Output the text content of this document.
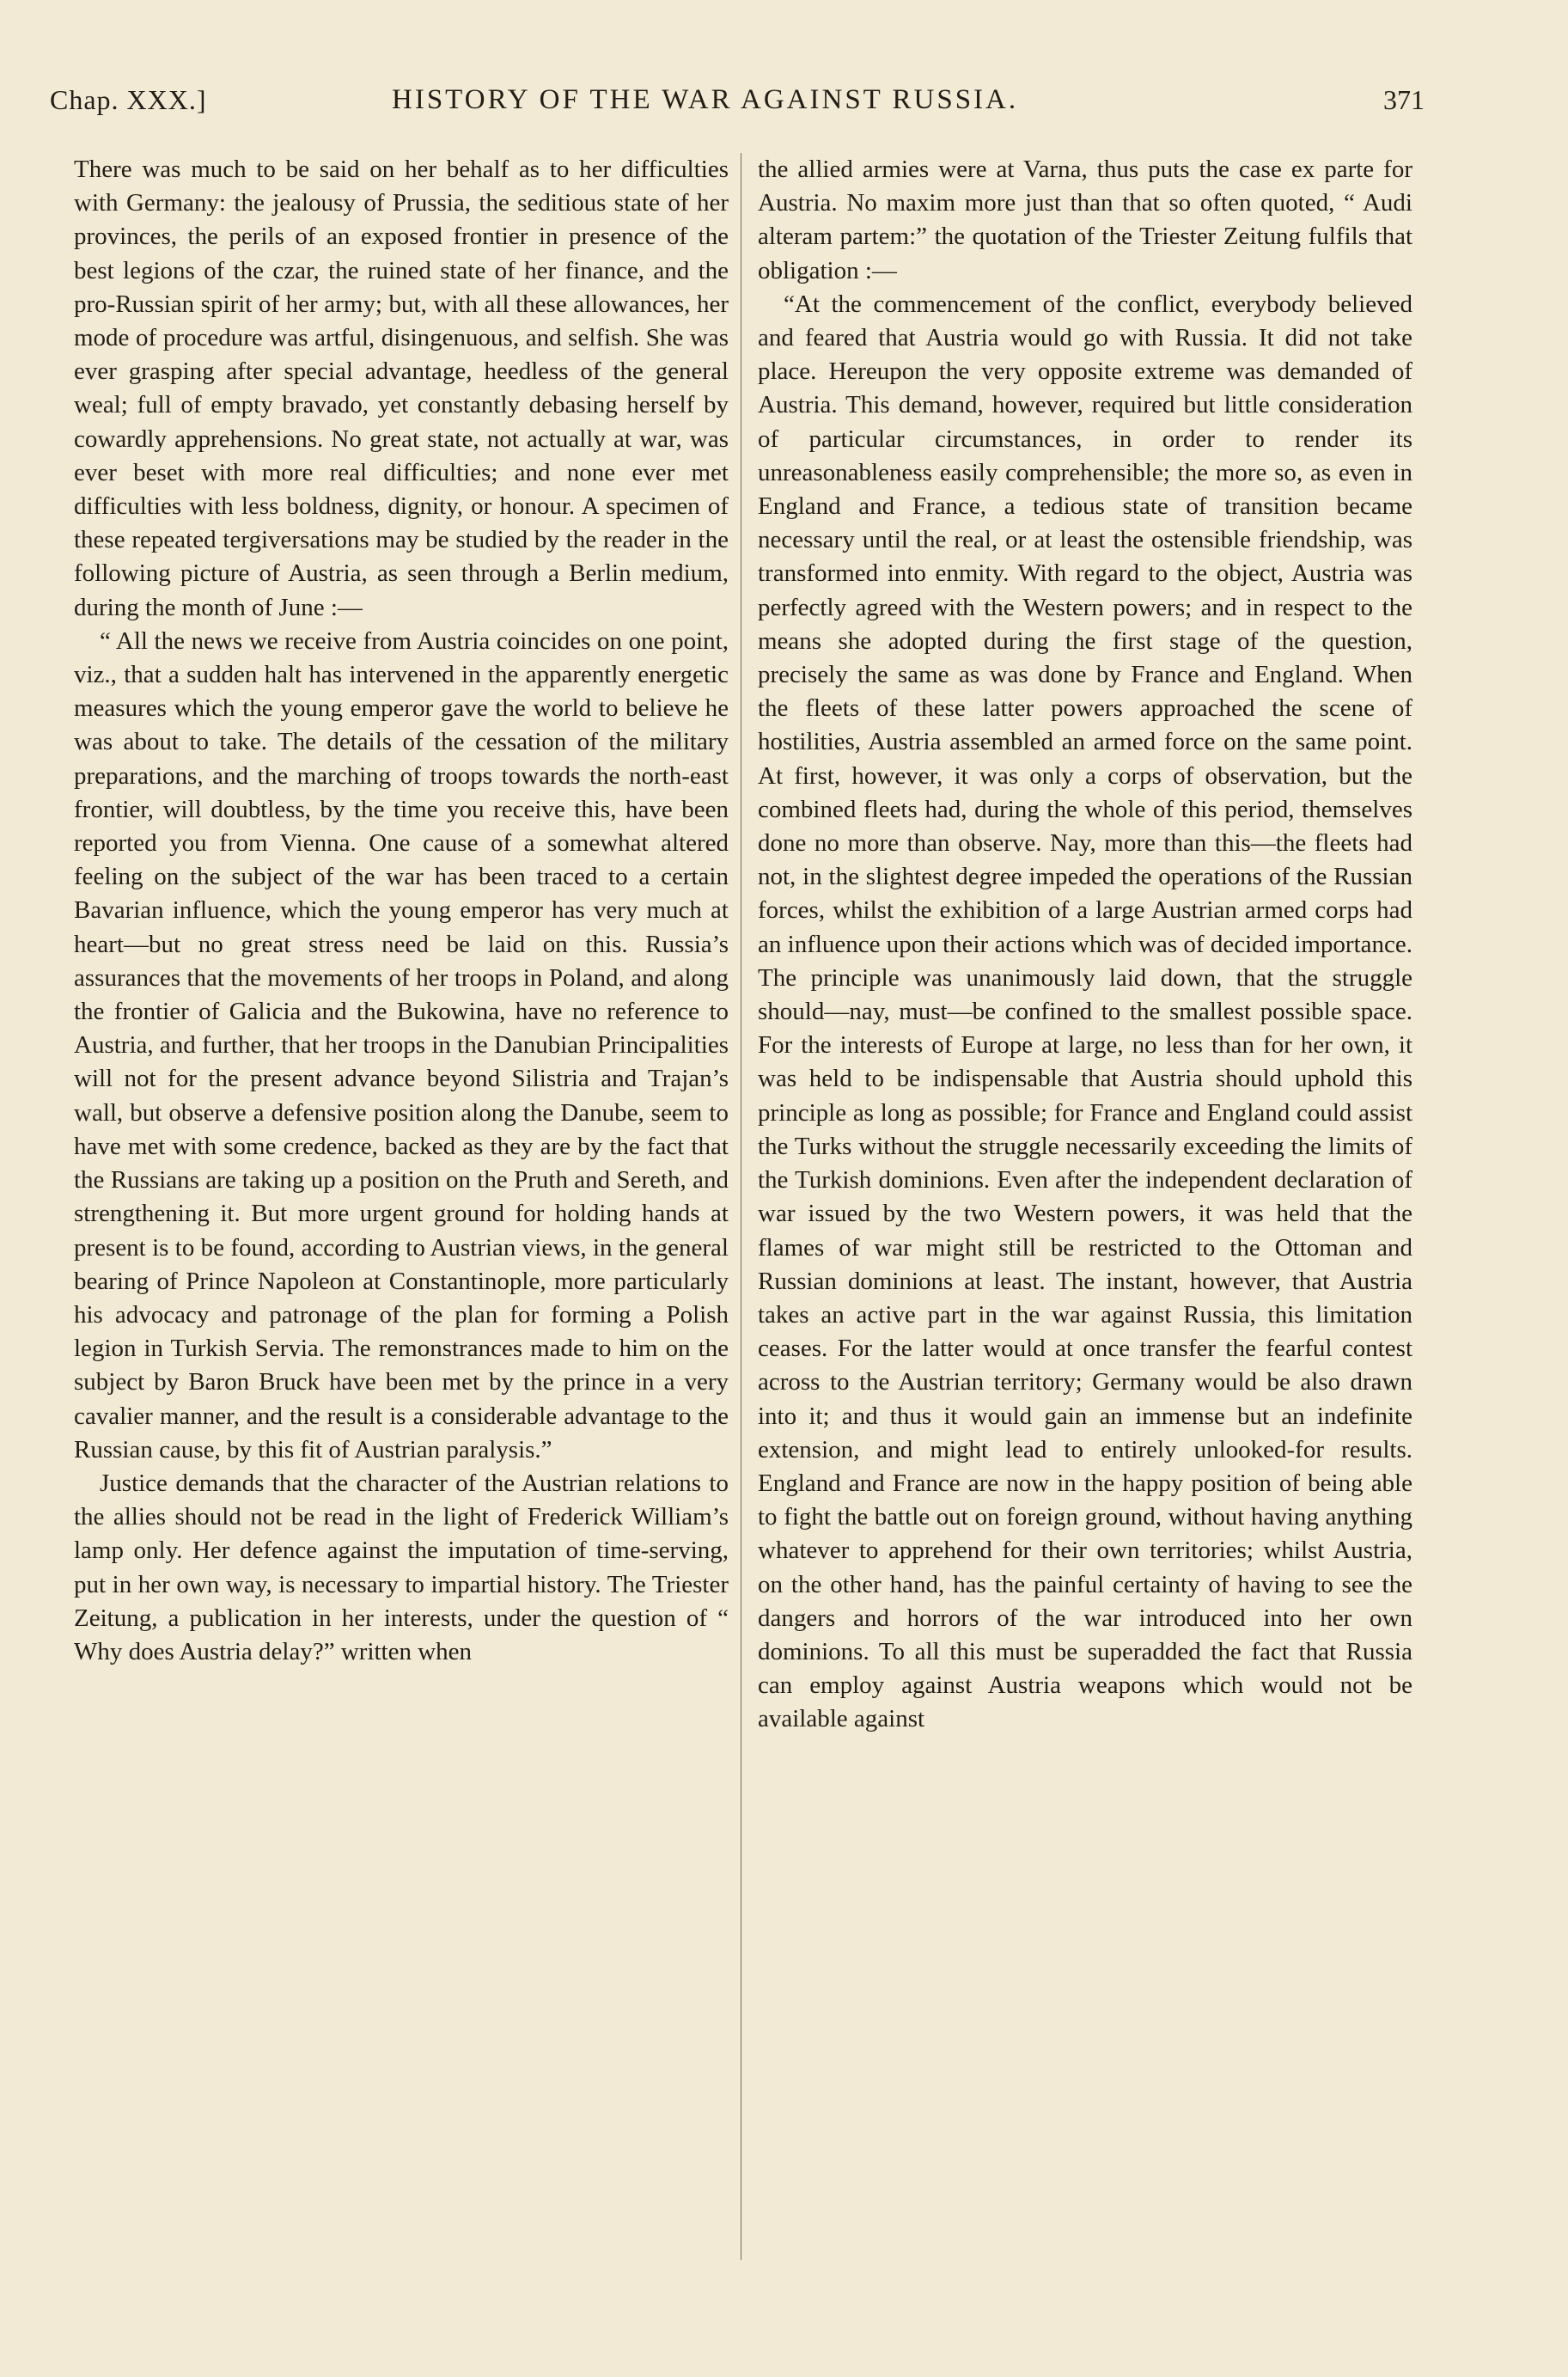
Chap. XXX.]	HISTORY OF THE WAR AGAINST RUSSIA.	371

There was much to be said on her behalf as to her difficulties with Germany: the jealousy of Prussia, the seditious state of her provinces, the perils of an exposed frontier in presence of the best legions of the czar, the ruined state of her finance, and the pro-Russian spirit of her army; but, with all these allowances, her mode of procedure was artful, disingenuous, and selfish. She was ever grasping after special advantage, heedless of the general weal; full of empty bravado, yet constantly debasing herself by cowardly apprehensions. No great state, not actually at war, was ever beset with more real difficulties; and none ever met difficulties with less boldness, dignity, or honour. A specimen of these repeated tergiversations may be studied by the reader in the following picture of Austria, as seen through a Berlin medium, during the month of June :—

“ All the news we receive from Austria coincides on one point, viz., that a sudden halt has intervened in the apparently energetic measures which the young emperor gave the world to believe he was about to take. The details of the cessation of the military preparations, and the marching of troops towards the north-east frontier, will doubtless, by the time you receive this, have been reported you from Vienna. One cause of a somewhat altered feeling on the subject of the war has been traced to a certain Bavarian influence, which the young emperor has very much at heart—but no great stress need be laid on this. Russia’s assurances that the movements of her troops in Poland, and along the frontier of Galicia and the Bukowina, have no reference to Austria, and further, that her troops in the Danubian Principalities will not for the present advance beyond Silistria and Trajan’s wall, but observe a defensive position along the Danube, seem to have met with some credence, backed as they are by the fact that the Russians are taking up a position on the Pruth and Sereth, and strengthening it. But more urgent ground for holding hands at present is to be found, according to Austrian views, in the general bearing of Prince Napoleon at Constantinople, more particularly his advocacy and patronage of the plan for forming a Polish legion in Turkish Servia. The remonstrances made to him on the subject by Baron Bruck have been met by the prince in a very cavalier manner, and the result is a considerable advantage to the Russian cause, by this fit of Austrian paralysis.”

Justice demands that the character of the Austrian relations to the allies should not be read in the light of Frederick William’s lamp only. Her defence against the imputation of time-serving, put in her own way, is necessary to impartial history. The Triester Zeitung, a publication in her interests, under the question of “ Why does Austria delay?” written when

the allied armies were at Varna, thus puts the case ex parte for Austria. No maxim more just than that so often quoted, “ Audi alteram partem:” the quotation of the Triester Zeitung fulfils that obligation :—

“At the commencement of the conflict, everybody believed and feared that Austria would go with Russia. It did not take place. Hereupon the very opposite extreme was demanded of Austria. This demand, however, required but little consideration of particular circumstances, in order to render its unreasonableness easily comprehensible; the more so, as even in England and France, a tedious state of transition became necessary until the real, or at least the ostensible friendship, was transformed into enmity. With regard to the object, Austria was perfectly agreed with the Western powers; and in respect to the means she adopted during the first stage of the question, precisely the same as was done by France and England. When the fleets of these latter powers approached the scene of hostilities, Austria assembled an armed force on the same point. At first, however, it was only a corps of observation, but the combined fleets had, during the whole of this period, themselves done no more than observe. Nay, more than this—the fleets had not, in the slightest degree impeded the operations of the Russian forces, whilst the exhibition of a large Austrian armed corps had an influence upon their actions which was of decided importance. The principle was unanimously laid down, that the struggle should—nay, must—be confined to the smallest possible space. For the interests of Europe at large, no less than for her own, it was held to be indispensable that Austria should uphold this principle as long as possible; for France and England could assist the Turks without the struggle necessarily exceeding the limits of the Turkish dominions. Even after the independent declaration of war issued by the two Western powers, it was held that the flames of war might still be restricted to the Ottoman and Russian dominions at least. The instant, however, that Austria takes an active part in the war against Russia, this limitation ceases. For the latter would at once transfer the fearful contest across to the Austrian territory; Germany would be also drawn into it; and thus it would gain an immense but an indefinite extension, and might lead to entirely unlooked-for results. England and France are now in the happy position of being able to fight the battle out on foreign ground, without having anything whatever to apprehend for their own territories; whilst Austria, on the other hand, has the painful certainty of having to see the dangers and horrors of the war introduced into her own dominions. To all this must be superadded the fact that Russia can employ against Austria weapons which would not be available against
